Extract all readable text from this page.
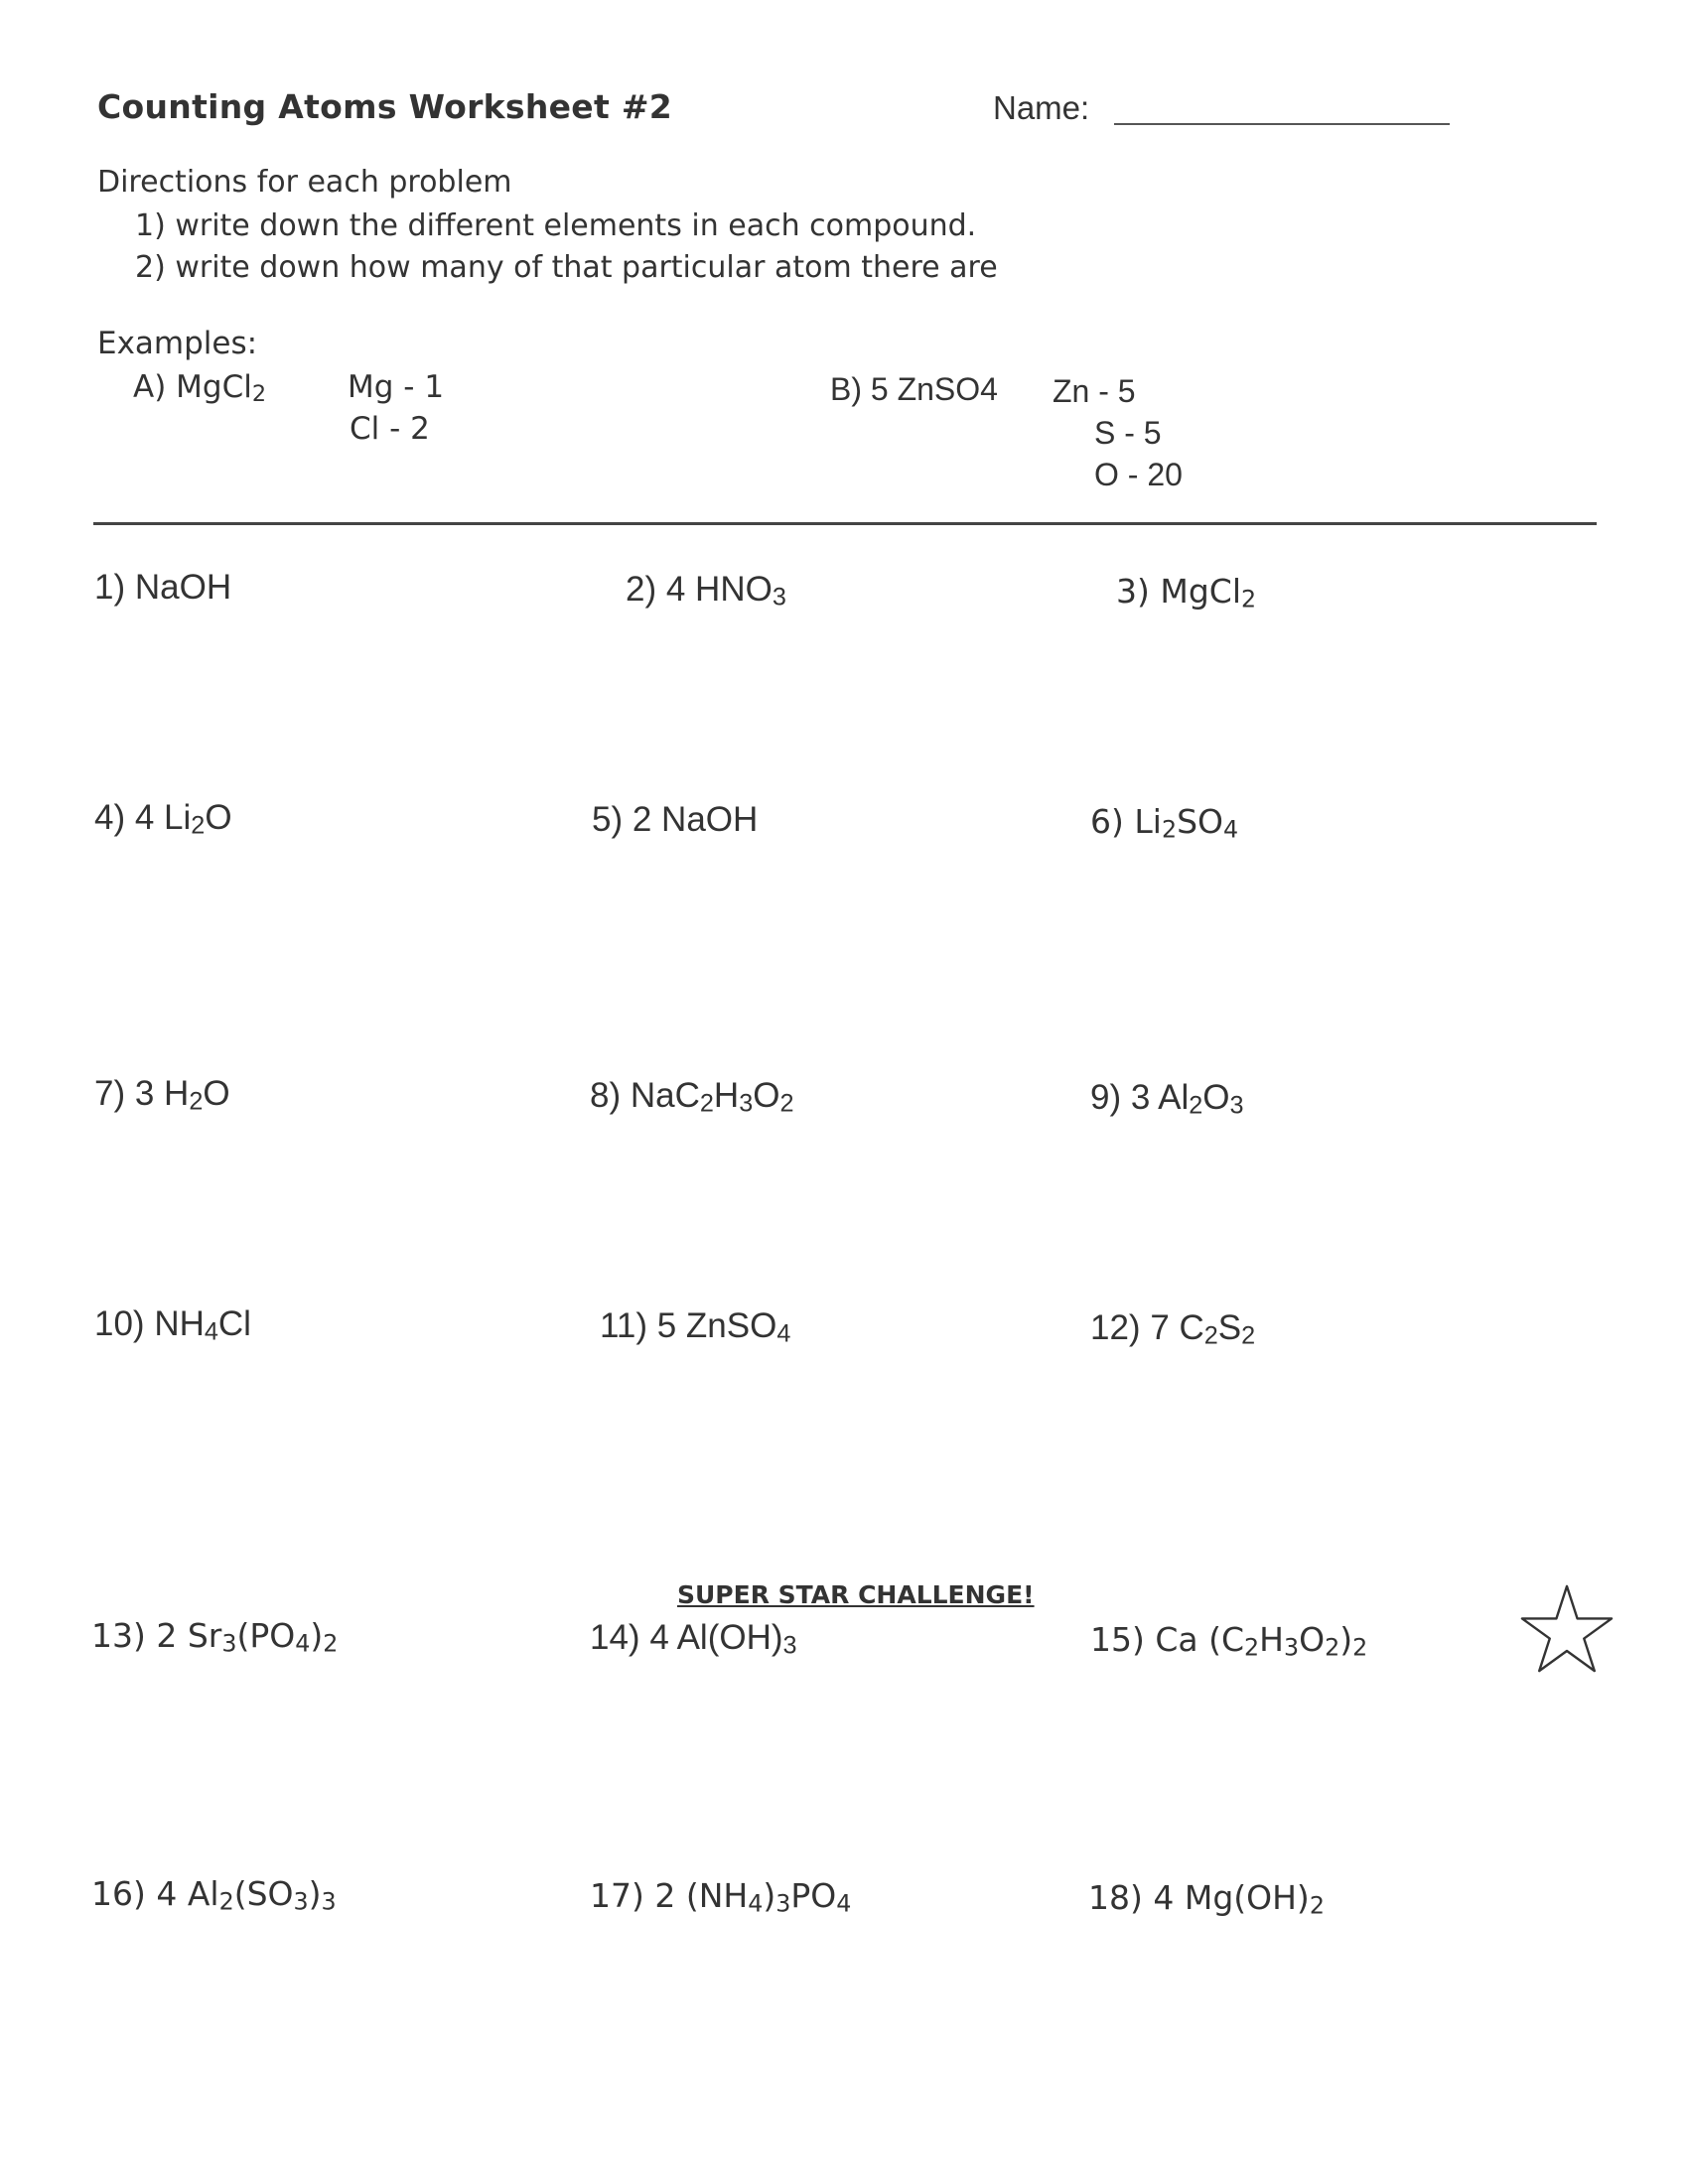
Counting Atoms Worksheet #2	Name:
Directions for each problem
1) write down the different elements in each compound.
2) write down how many of that particular atom there are
Examples:
A) MgCl$_2$	Mg - 1
Cl - 2
B) 5 ZnSO4 Zn - 5
S - 5
O - 20
1) NaOH	2) 4 $HNO_3$	3) MgCl$_2$
4) 4 $Li_2O$	5) 2 NaOH	6) $Li_2SO_4$
7) 3 $H_2O$	8) $NaC_2H_3O_2$	9) 3 $Al_2O_3$
10) $NH_4Cl$	11) 5 ZnSO$_4$	12) 7 $C_2S_2$
13) 2 $Sr_3(PO_4)_2$	14) 4 $Al(OH)_3$	15) Ca $(C_2H_3O_2)_2$
16) 4 $Al_2(SO_3)_3$	17) 2 $(NH_4)_3PO_4$	18) 4 $Mg(OH)_2$
SUPER STAR CHALLENGE!
